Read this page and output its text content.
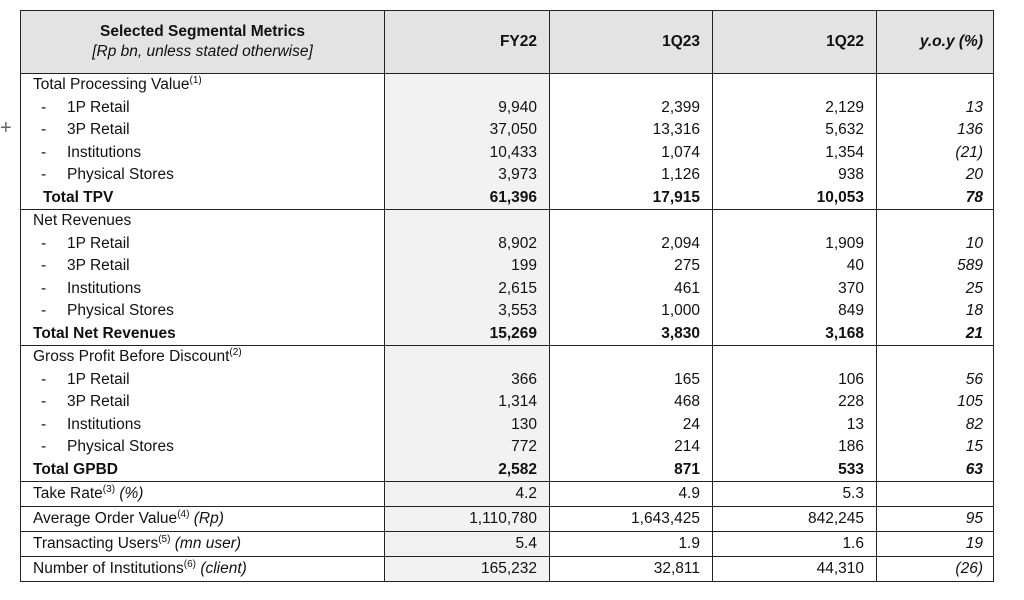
+
Selected Segmental Metrics
[Rp bn, unless stated otherwise]	FY22	1Q23	1Q22	y.o.y (%)
Total Processing Value$^{(1)}$				
- 1P Retail	9,940	2,399	2,129	13
- 3P Retail	37,050	13,316	5,632	136
- Institutions	10,433	1,074	1,354	(21)
- Physical Stores	3,973	1,126	938	20
Total TPV	61,396	17,915	10,053	78
Net Revenues				
- 1P Retail	8,902	2,094	1,909	10
- 3P Retail	199	275	40	589
- Institutions	2,615	461	370	25
- Physical Stores	3,553	1,000	849	18
Total Net Revenues	15,269	3,830	3,168	21
Gross Profit Before Discount$^{(2)}$				
- 1P Retail	366	165	106	56
- 3P Retail	1,314	468	228	105
- Institutions	130	24	13	82
- Physical Stores	772	214	186	15
Total GPBD	2,582	871	533	63
Take Rate$^{(3)}$ (%)	4.2	4.9	5.3	
Average Order Value$^{(4)}$ (Rp)	1,110,780	1,643,425	842,245	95
Transacting Users$^{(5)}$ (mn user)	5.4	1.9	1.6	19
Number of Institutions$^{(6)}$ (client)	165,232	32,811	44,310	(26)
